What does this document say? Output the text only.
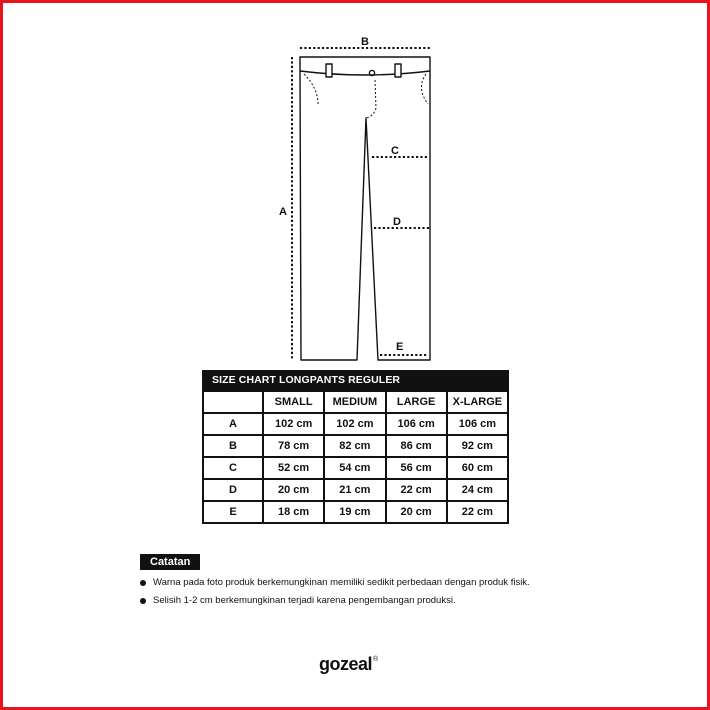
B
A
C
D
E
SIZE CHART LONGPANTS REGULER
	SMALL	MEDIUM	LARGE	X-LARGE
A	102 cm	102 cm	106 cm	106 cm
B	78 cm	82 cm	86 cm	92 cm
C	52 cm	54 cm	56 cm	60 cm
D	20 cm	21 cm	22 cm	24 cm
E	18 cm	19 cm	20 cm	22 cm
Catatan
Warna pada foto produk berkemungkinan memiliki sedikit perbedaan dengan produk fisik.
Selisih 1-2 cm berkemungkinan terjadi karena pengembangan produksi.
gozeal®
